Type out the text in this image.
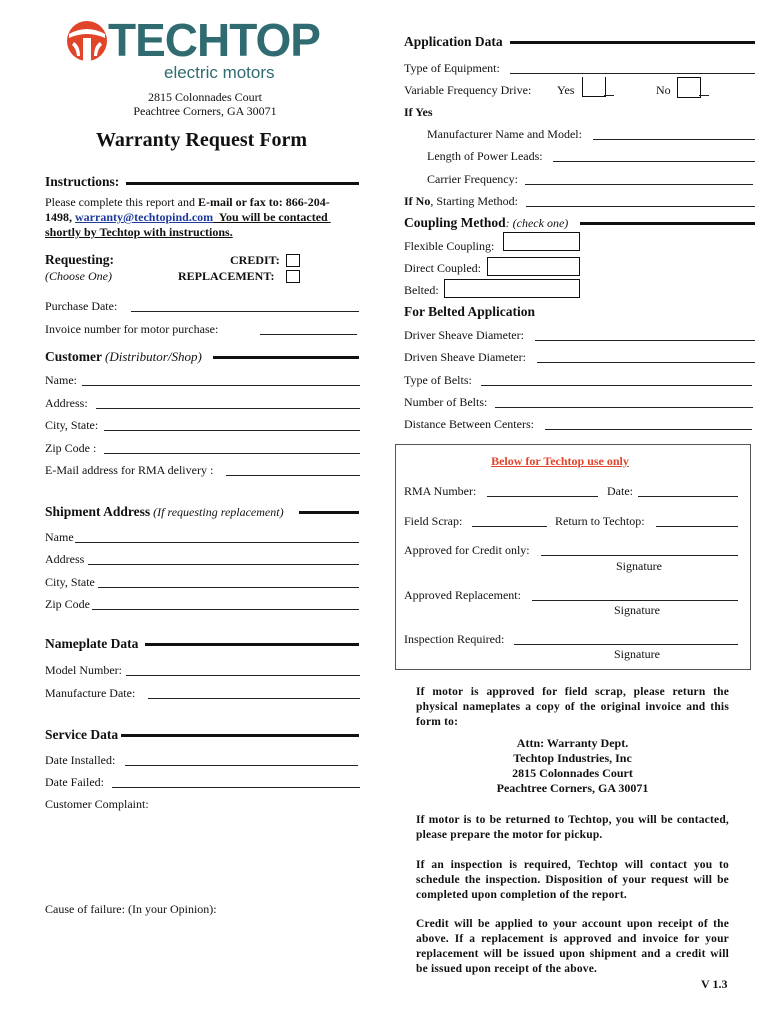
TECHTOP
electric motors
2815 Colonnades Court
Peachtree Corners, GA 30071
Warranty Request Form
Instructions:
Please complete this report and E-mail or fax to: 866-204-
1498, warranty@techtopind.com  You will be contacted
shortly by Techtop with instructions.
Requesting:
(Choose One)
CREDIT:
REPLACEMENT:
Purchase Date:
Invoice number for motor purchase:
Customer (Distributor/Shop)
Name:
Address:
City, State:
Zip Code :
E-Mail address for RMA delivery :
Shipment Address (If requesting replacement)
Name
Address
City, State
Zip Code
Nameplate Data
Model Number:
Manufacture Date:
Service Data
Date Installed:
Date Failed:
Customer Complaint:
Cause of failure: (In your Opinion):
Application Data
Type of Equipment:
Variable Frequency Drive: Yes	No
If Yes
Manufacturer Name and Model:
Length of Power Leads:
Carrier Frequency:
If No, Starting Method:
Coupling Method: (check one)
Flexible Coupling:
Direct Coupled:
Belted:
For Belted Application
Driver Sheave Diameter:
Driven Sheave Diameter:
Type of Belts:
Number of Belts:
Distance Between Centers:
Below for Techtop use only
RMA Number:	Date:
Field Scrap:	Return to Techtop:
Approved for Credit only:
Signature
Approved Replacement:
Signature
Inspection Required:
Signature
If motor is approved for field scrap, please return the physical nameplates a copy of the original invoice and this form to:
Attn: Warranty Dept.
Techtop Industries, Inc
2815 Colonnades Court
Peachtree Corners, GA 30071
If motor is to be returned to Techtop, you will be contacted, please prepare the motor for pickup.
If an inspection is required, Techtop will contact you to schedule the inspection. Disposition of your request will be completed upon completion of the report.
Credit will be applied to your account upon receipt of the above. If a replacement is approved and invoice for your replacement will be issued upon shipment and a credit will be issued upon receipt of the above.
V 1.3
